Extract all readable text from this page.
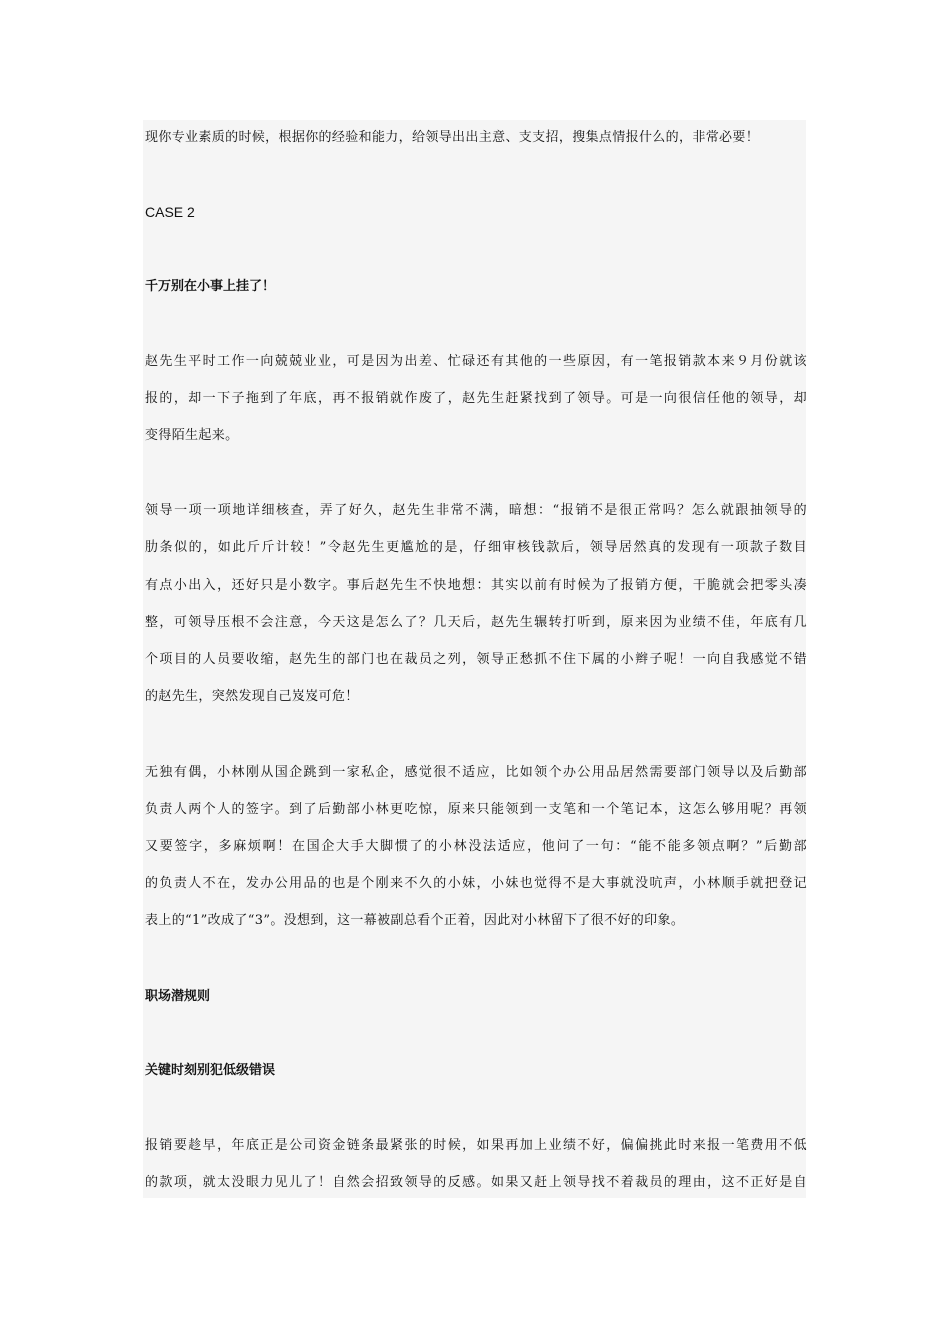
现你专业素质的时候，根据你的经验和能力，给领导出出主意、支支招，搜集点情报什么的，非常必要！
CASE 2
千万别在小事上挂了！
赵先生平时工作一向兢兢业业，可是因为出差、忙碌还有其他的一些原因，有一笔报销款本来９月份就该
报的，却一下子拖到了年底，再不报销就作废了，赵先生赶紧找到了领导。可是一向很信任他的领导，却
变得陌生起来。
领导一项一项地详细核查，弄了好久，赵先生非常不满，暗想：“报销不是很正常吗？怎么就跟抽领导的
肋条似的，如此斤斤计较！”令赵先生更尴尬的是，仔细审核钱款后，领导居然真的发现有一项款子数目
有点小出入，还好只是小数字。事后赵先生不快地想：其实以前有时候为了报销方便，干脆就会把零头凑
整，可领导压根不会注意，今天这是怎么了？几天后，赵先生辗转打听到，原来因为业绩不佳，年底有几
个项目的人员要收缩，赵先生的部门也在裁员之列，领导正愁抓不住下属的小辫子呢！一向自我感觉不错
的赵先生，突然发现自己岌岌可危！
无独有偶，小林刚从国企跳到一家私企，感觉很不适应，比如领个办公用品居然需要部门领导以及后勤部
负责人两个人的签字。到了后勤部小林更吃惊，原来只能领到一支笔和一个笔记本，这怎么够用呢？再领
又要签字，多麻烦啊！在国企大手大脚惯了的小林没法适应，他问了一句：“能不能多领点啊？”后勤部
的负责人不在，发办公用品的也是个刚来不久的小妹，小妹也觉得不是大事就没吭声，小林顺手就把登记
表上的“1”改成了“3”。没想到，这一幕被副总看个正着，因此对小林留下了很不好的印象。
职场潜规则
关键时刻别犯低级错误
报销要趁早，年底正是公司资金链条最紧张的时候，如果再加上业绩不好，偏偏挑此时来报一笔费用不低
的款项，就太没眼力见儿了！自然会招致领导的反感。如果又赶上领导找不着裁员的理由，这不正好是自
